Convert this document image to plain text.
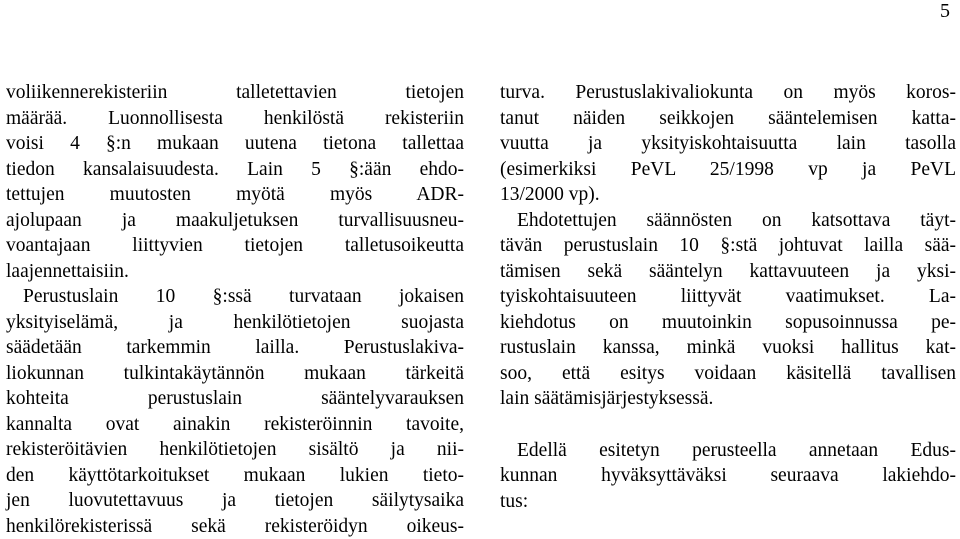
5

voliikennerekisteriin talletettavien tietojen
määrää. Luonnollisesta henkilöstä rekisteriin
voisi 4 §:n mukaan uutena tietona tallettaa
tiedon kansalaisuudesta. Lain 5 §:ään ehdo-
tettujen muutosten myötä myös ADR-
ajolupaan ja maakuljetuksen turvallisuusneu-
voantajaan liittyvien tietojen talletusoikeutta
laajennettaisiin.

Perustuslain 10 §:ssä turvataan jokaisen
yksityiselämä, ja henkilötietojen suojasta
säädetään tarkemmin lailla. Perustuslakiva-
liokunnan tulkintakäytännön mukaan tärkeitä
kohteita perustuslain sääntelyvarauksen
kannalta ovat ainakin rekisteröinnin tavoite,
rekisteröitävien henkilötietojen sisältö ja nii-
den käyttötarkoitukset mukaan lukien tieto-
jen luovutettavuus ja tietojen säilytysaika
henkilörekisterissä sekä rekisteröidyn oikeus-

turva. Perustuslakivaliokunta on myös koros-
tanut näiden seikkojen sääntelemisen katta-
vuutta ja yksityiskohtaisuutta lain tasolla
(esimerkiksi PeVL 25/1998 vp ja PeVL
13/2000 vp).

Ehdotettujen säännösten on katsottava täyt-
tävän perustuslain 10 §:stä johtuvat lailla sää-
tämisen sekä sääntelyn kattavuuteen ja yksi-
tyiskohtaisuuteen liittyvät vaatimukset. La-
kiehdotus on muutoinkin sopusoinnussa pe-
rustuslain kanssa, minkä vuoksi hallitus kat-
soo, että esitys voidaan käsitellä tavallisen
lain säätämisjärjestyksessä.

Edellä esitetyn perusteella annetaan Edus-
kunnan hyväksyttäväksi seuraava lakiehdo-
tus:
